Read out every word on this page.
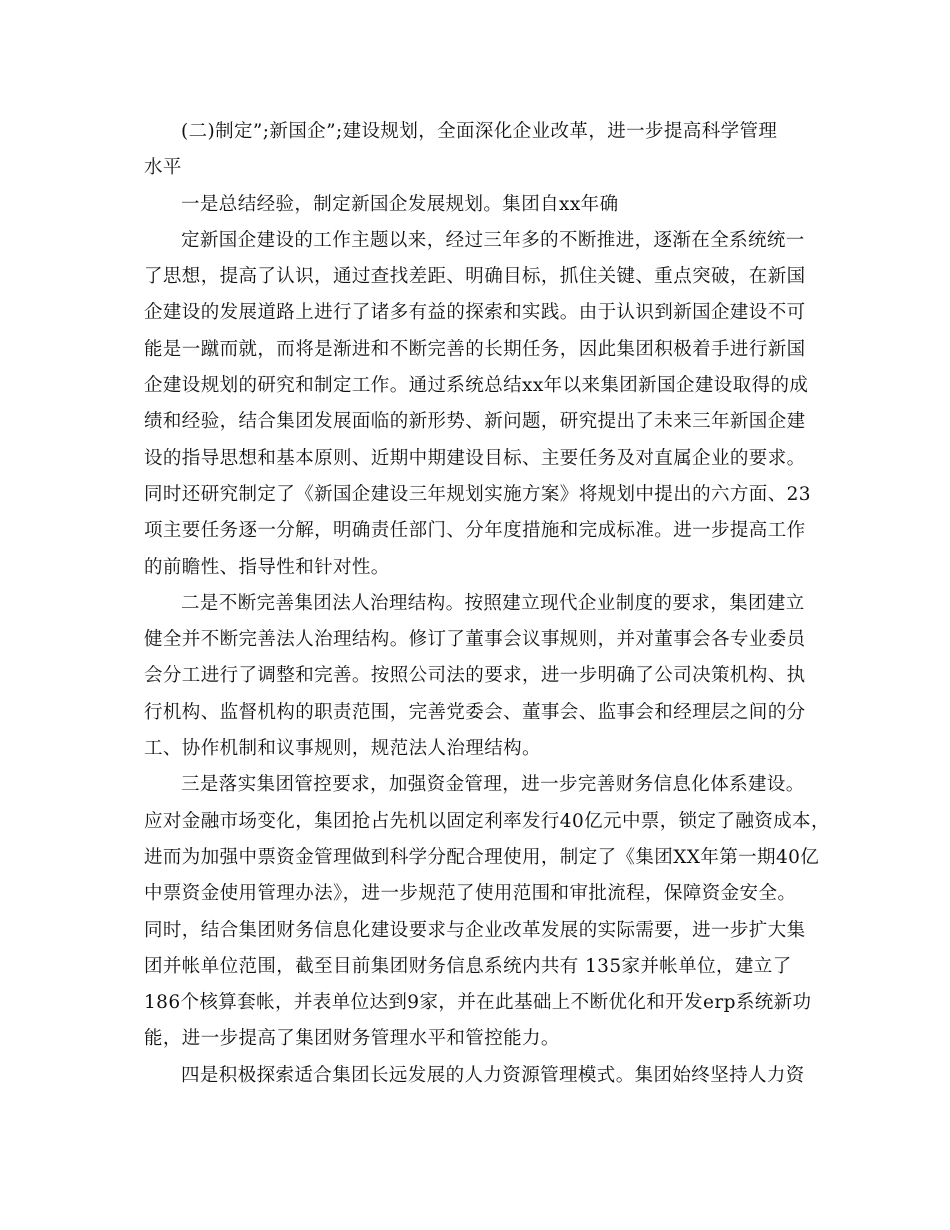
(二)制定”;新国企”;建设规划，全面深化企业改革，进一步提高科学管理

水平

一是总结经验，制定新国企发展规划。集团自xx年确

定新国企建设的工作主题以来，经过三年多的不断推进，逐渐在全系统统一

了思想，提高了认识，通过查找差距、明确目标，抓住关键、重点突破，在新国

企建设的发展道路上进行了诸多有益的探索和实践。由于认识到新国企建设不可

能是一蹴而就，而将是渐进和不断完善的长期任务，因此集团积极着手进行新国

企建设规划的研究和制定工作。通过系统总结xx年以来集团新国企建设取得的成

绩和经验，结合集团发展面临的新形势、新问题，研究提出了未来三年新国企建

设的指导思想和基本原则、近期中期建设目标、主要任务及对直属企业的要求。

同时还研究制定了《新国企建设三年规划实施方案》将规划中提出的六方面、23

项主要任务逐一分解，明确责任部门、分年度措施和完成标准。进一步提高工作

的前瞻性、指导性和针对性。

二是不断完善集团法人治理结构。按照建立现代企业制度的要求，集团建立

健全并不断完善法人治理结构。修订了董事会议事规则，并对董事会各专业委员

会分工进行了调整和完善。按照公司法的要求，进一步明确了公司决策机构、执

行机构、监督机构的职责范围，完善党委会、董事会、监事会和经理层之间的分

工、协作机制和议事规则，规范法人治理结构。

三是落实集团管控要求，加强资金管理，进一步完善财务信息化体系建设。

应对金融市场变化，集团抢占先机以固定利率发行40亿元中票，锁定了融资成本，

进而为加强中票资金管理做到科学分配合理使用，制定了《集团XX年第一期40亿

中票资金使用管理办法》，进一步规范了使用范围和审批流程，保障资金安全。

同时，结合集团财务信息化建设要求与企业改革发展的实际需要，进一步扩大集

团并帐单位范围，截至目前集团财务信息系统内共有 135家并帐单位，建立了

186个核算套帐，并表单位达到9家，并在此基础上不断优化和开发erp系统新功

能，进一步提高了集团财务管理水平和管控能力。

四是积极探索适合集团长远发展的人力资源管理模式。集团始终坚持人力资
